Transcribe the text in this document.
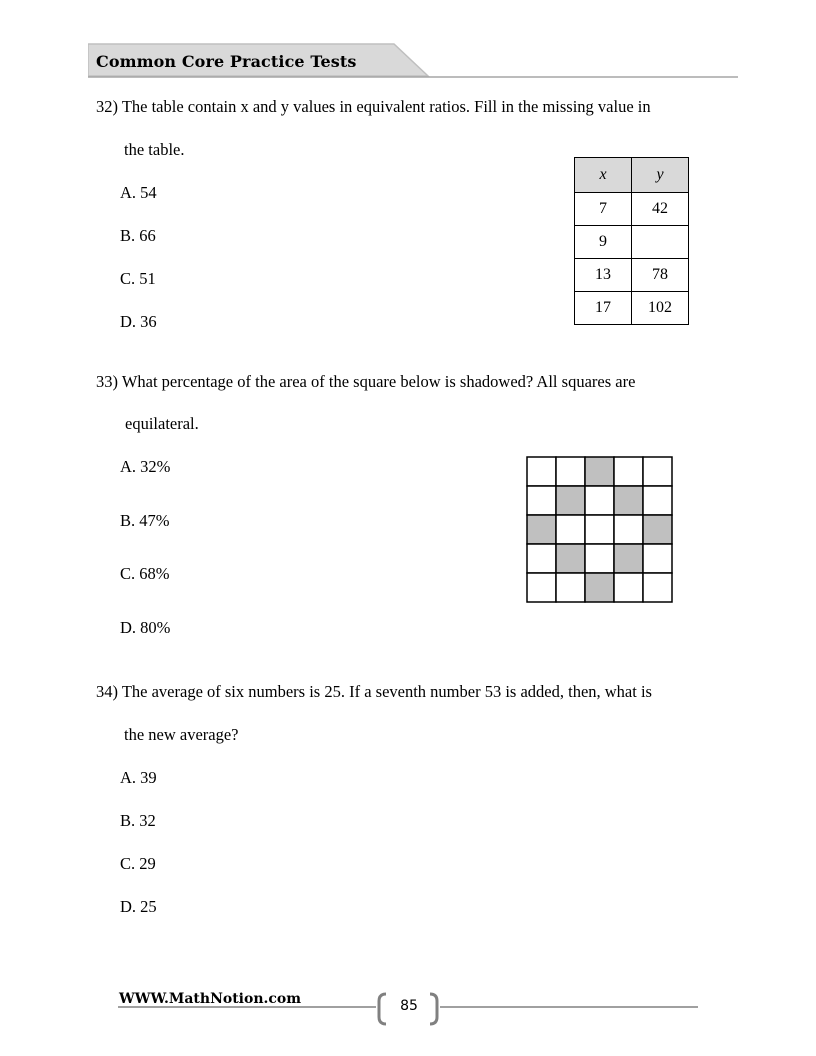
Common Core Practice Tests
32) The table contain x and y values in equivalent ratios. Fill in the missing value in
the table.
A. 54
B. 66
C. 51
D. 36
x	y
7	42
9	
13	78
17	102
33) What percentage of the area of the square below is shadowed? All squares are
equilateral.
A. 32%
B. 47%
C. 68%
D. 80%
34) The average of six numbers is 25. If a seventh number 53 is added, then, what is
the new average?
A. 39
B. 32
C. 29
D. 25
WWW.MathNotion.com	85
